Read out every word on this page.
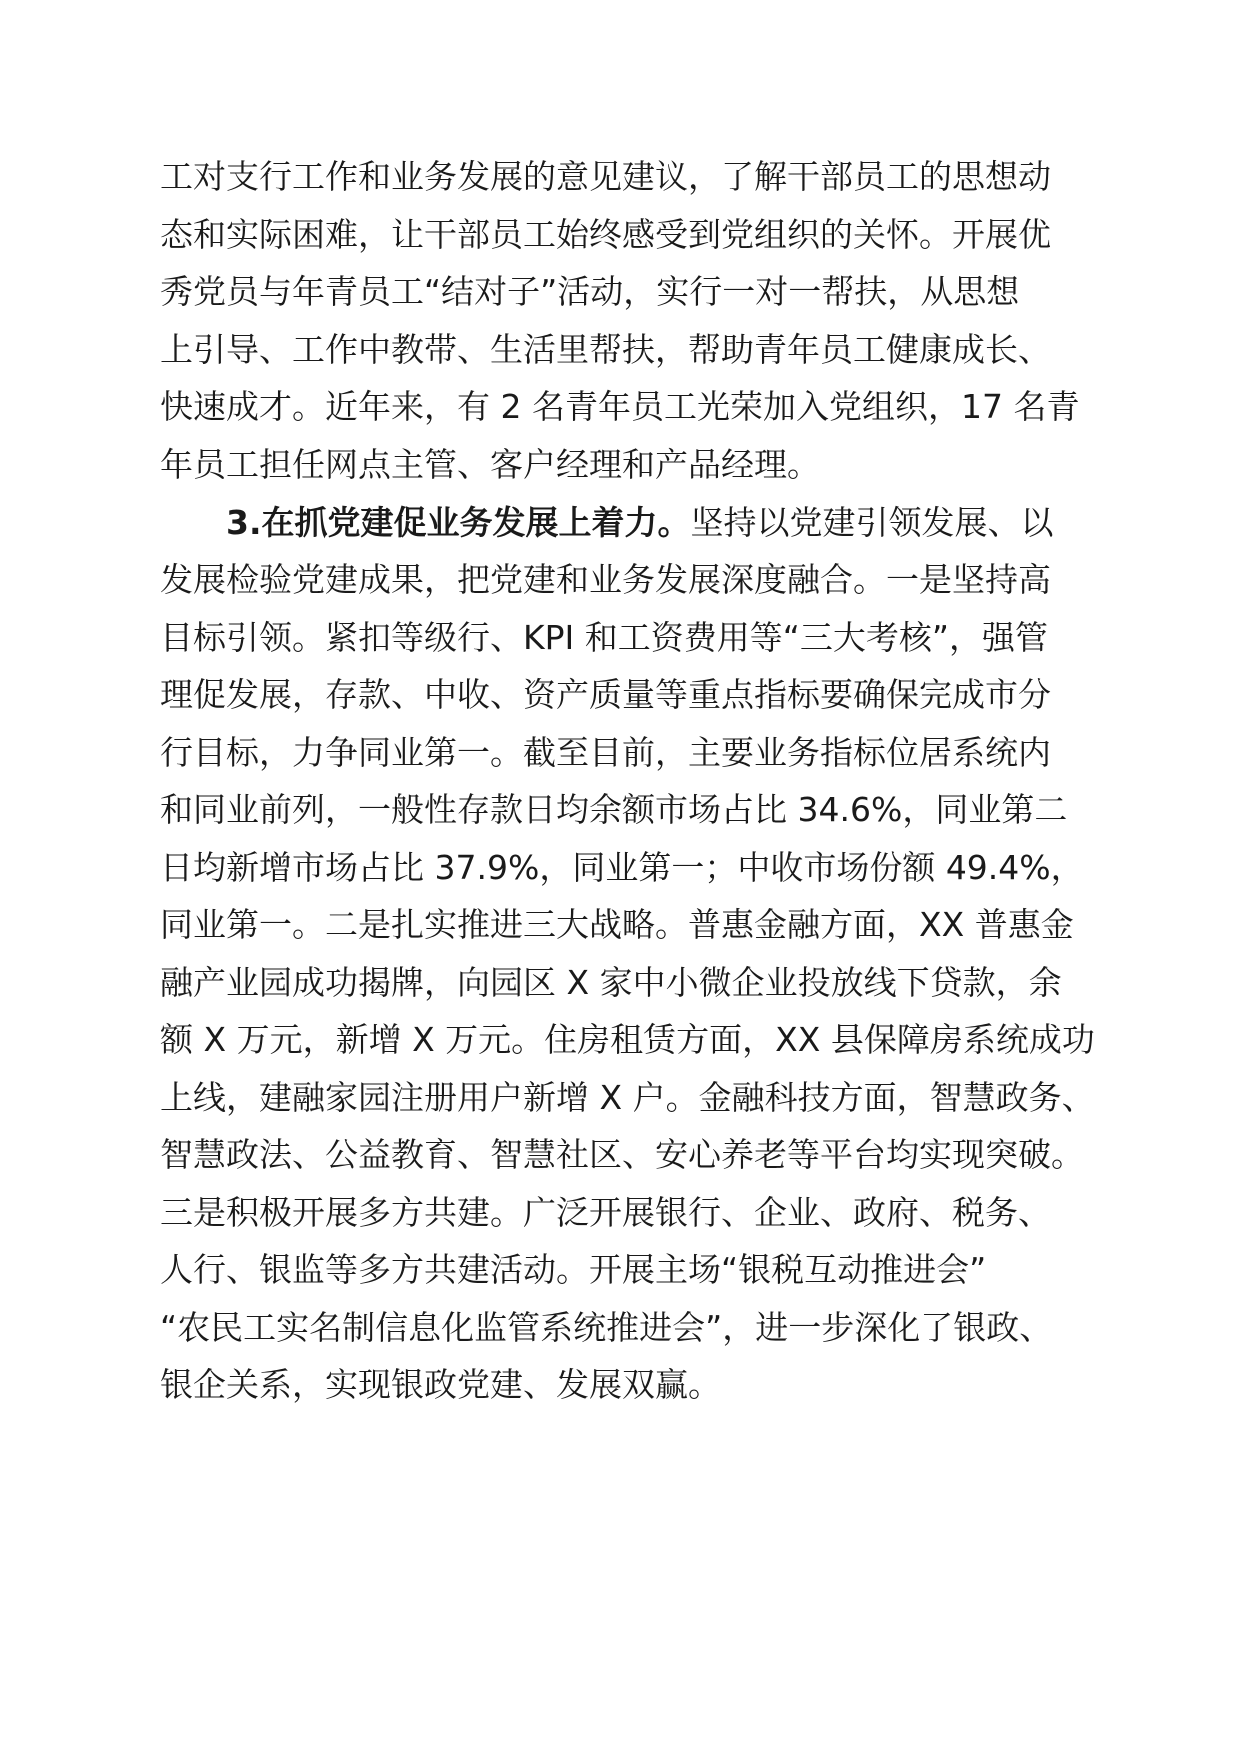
工对支行工作和业务发展的意见建议，了解干部员工的思想动
态和实际困难，让干部员工始终感受到党组织的关怀。开展优
秀党员与年青员工“结对子”活动，实行一对一帮扶，从思想
上引导、工作中教带、生活里帮扶，帮助青年员工健康成长、
快速成才。近年来，有 2 名青年员工光荣加入党组织，17 名青
年员工担任网点主管、客户经理和产品经理。
3.在抓党建促业务发展上着力。坚持以党建引领发展、以
发展检验党建成果，把党建和业务发展深度融合。一是坚持高
目标引领。紧扣等级行、KPI 和工资费用等“三大考核”，强管
理促发展，存款、中收、资产质量等重点指标要确保完成市分
行目标，力争同业第一。截至目前，主要业务指标位居系统内
和同业前列，一般性存款日均余额市场占比 34.6%，同业第二
日均新增市场占比 37.9%，同业第一；中收市场份额 49.4%，
同业第一。二是扎实推进三大战略。普惠金融方面，XX 普惠金
融产业园成功揭牌，向园区 X 家中小微企业投放线下贷款，余
额 X 万元，新增 X 万元。住房租赁方面，XX 县保障房系统成功
上线，建融家园注册用户新增 X 户。金融科技方面，智慧政务、
智慧政法、公益教育、智慧社区、安心养老等平台均实现突破。
三是积极开展多方共建。广泛开展银行、企业、政府、税务、
人行、银监等多方共建活动。开展主场“银税互动推进会”
“农民工实名制信息化监管系统推进会”，进一步深化了银政、
银企关系，实现银政党建、发展双赢。
